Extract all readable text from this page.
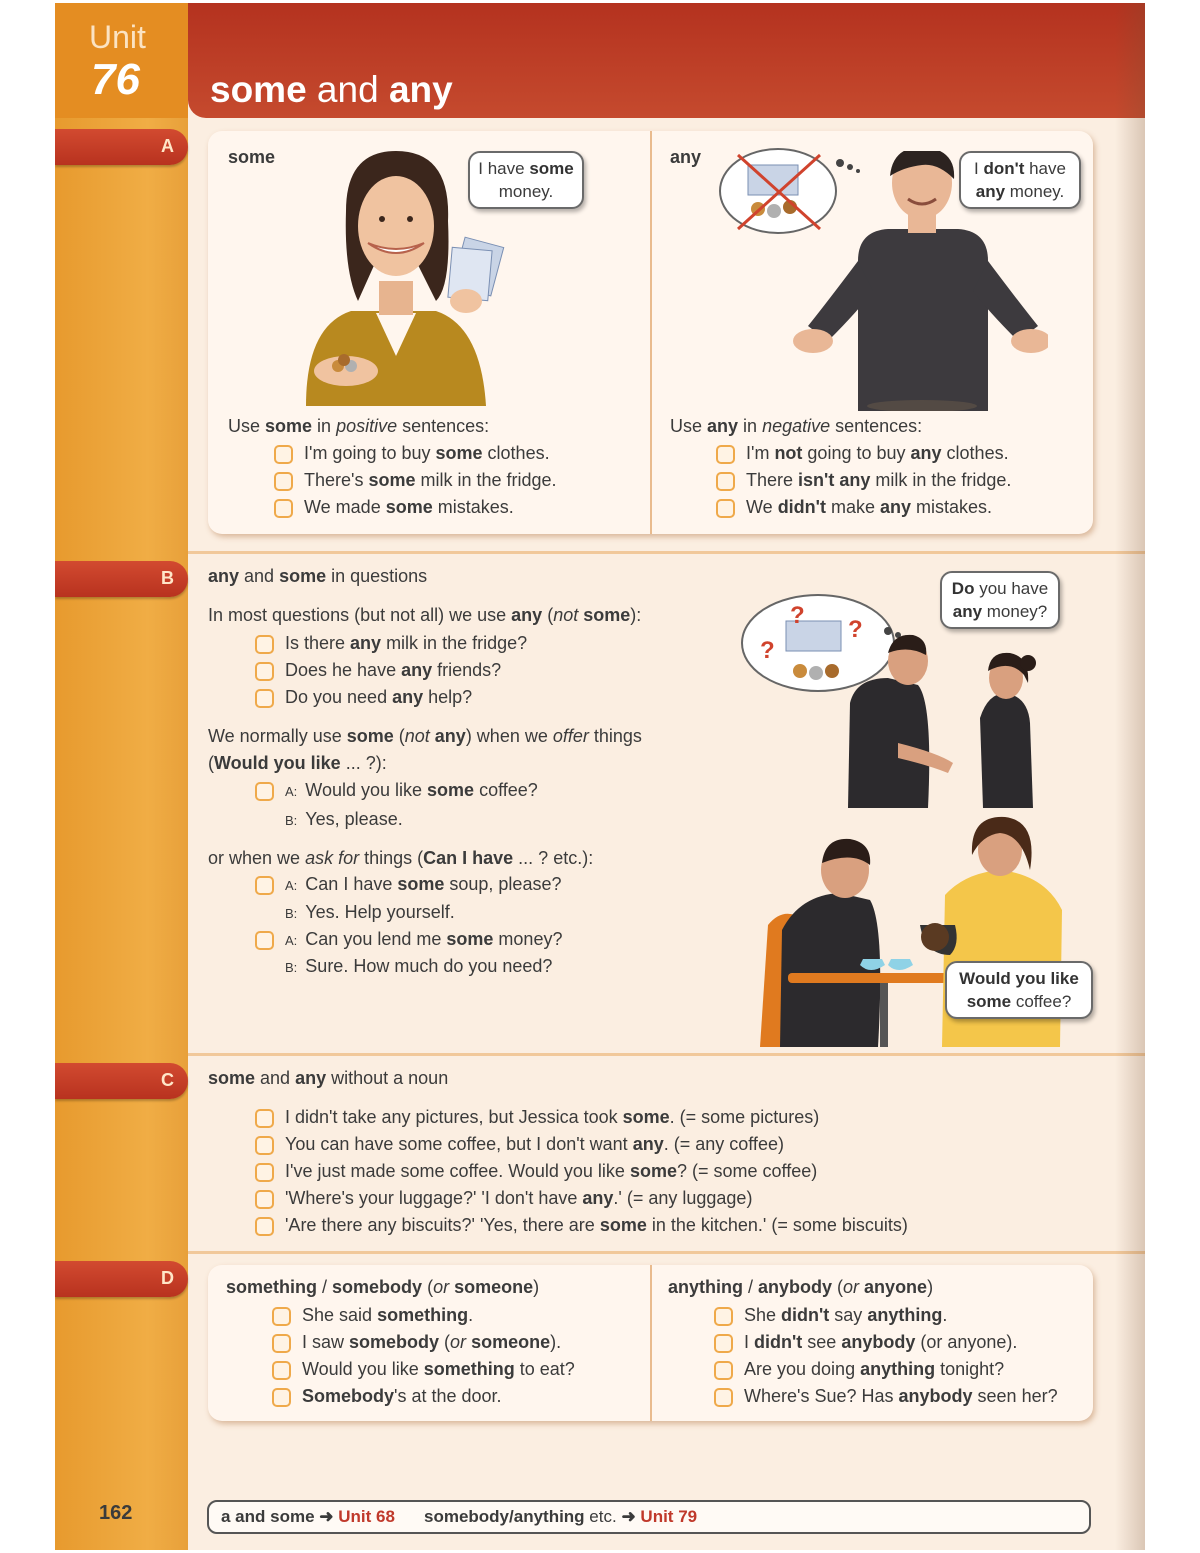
Unit
76 some and any
A
B
C
D
some
I have some
money.
Use some in positive sentences:
I'm going to buy some clothes.
There's some milk in the fridge.
We made some mistakes.
any
I don't have
any money.
Use any in negative sentences:
I'm not going to buy any clothes.
There isn't any milk in the fridge.
We didn't make any mistakes.
any and some in questions
In most questions (but not all) we use any (not some):
Is there any milk in the fridge?
Does he have any friends?
Do you need any help?
We normally use some (not any) when we offer things
(Would you like ... ?):
A: Would you like some coffee?
B: Yes, please.
or when we ask for things (Can I have ... ? etc.):
A: Can I have some soup, please?
B: Yes. Help yourself.
A: Can you lend me some money?
B: Sure. How much do you need?
?
?
?
Do you have
any money?
Would you like
some coffee?
some and any without a noun
I didn't take any pictures, but Jessica took some. (= some pictures)
You can have some coffee, but I don't want any. (= any coffee)
I've just made some coffee. Would you like some? (= some coffee)
'Where's your luggage?' 'I don't have any.' (= any luggage)
'Are there any biscuits?' 'Yes, there are some in the kitchen.' (= some biscuits)
something / somebody (or someone)
She said something.
I saw somebody (or someone).
Would you like something to eat?
Somebody's at the door.
anything / anybody (or anyone)
She didn't say anything.
I didn't see anybody (or anyone).
Are you doing anything tonight?
Where's Sue? Has anybody seen her?
162	a and some ➜ Unit 68 somebody/anything etc. ➜ Unit 79
